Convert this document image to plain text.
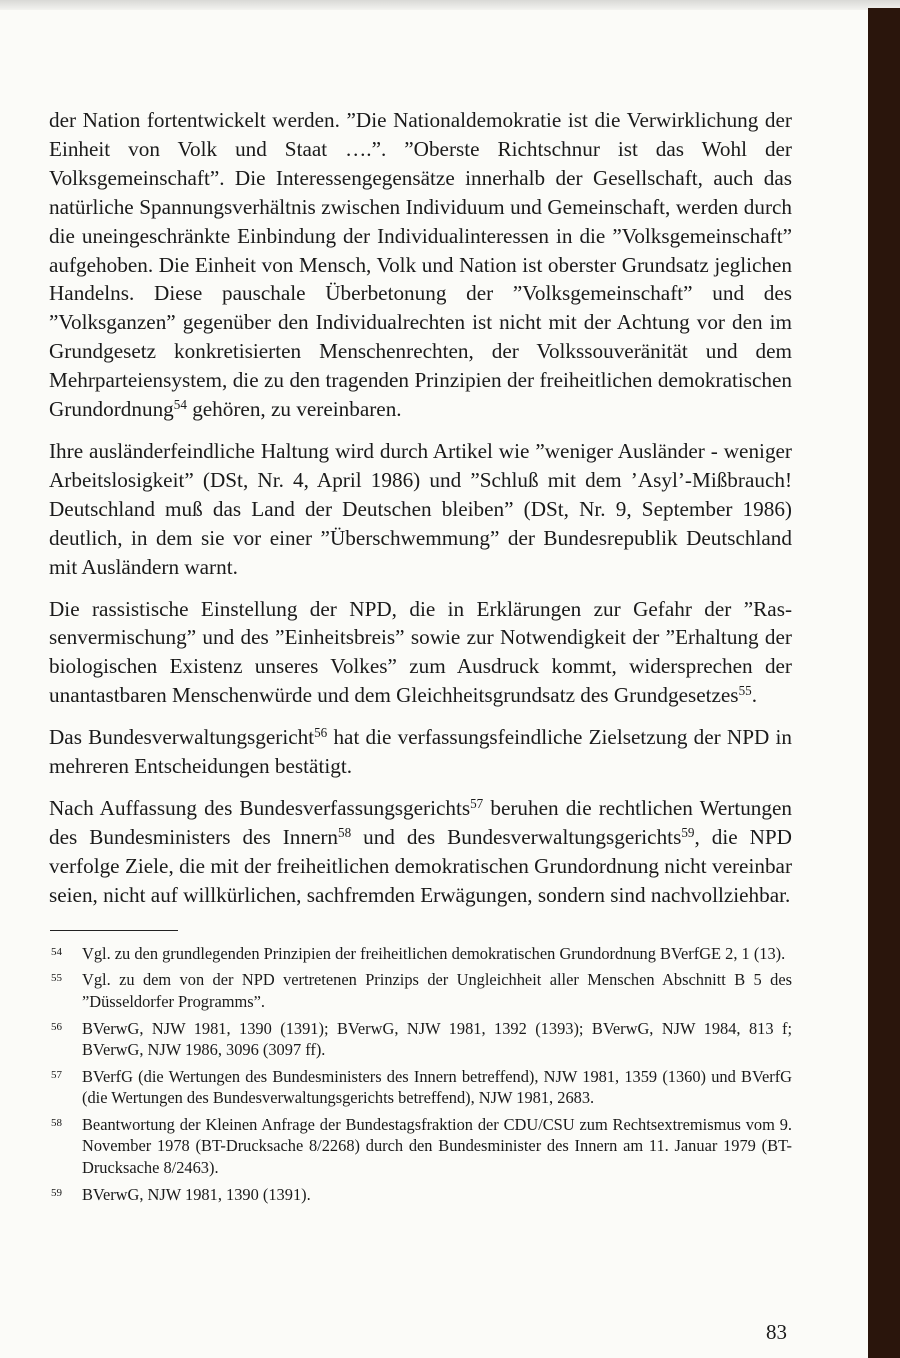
der Nation fortentwickelt werden. ”Die Nationaldemokratie ist die Verwirklichung der Einheit von Volk und Staat ….”. ”Oberste Richtschnur ist das Wohl der Volksgemeinschaft”. Die Interessengegensätze innerhalb der Gesellschaft, auch das natürliche Spannungsverhältnis zwischen Individuum und Gemeinschaft, werden durch die uneingeschränkte Einbindung der Individualinteressen in die ”Volksgemeinschaft” aufgehoben. Die Einheit von Mensch, Volk und Nation ist oberster Grundsatz jeglichen Handelns. Diese pauschale Überbetonung der ”Volksgemeinschaft” und des ”Volksganzen” gegenüber den Individualrechten ist nicht mit der Achtung vor den im Grundgesetz konkretisierten Menschenrechten, der Volkssouveränität und dem Mehrparteiensystem, die zu den tragenden Prinzipien der freiheitlichen demokratischen Grundordnung$^{54}$ gehören, zu vereinbaren.

Ihre ausländerfeindliche Haltung wird durch Artikel wie ”weniger Ausländer - weniger Arbeitslosigkeit” (DSt, Nr. 4, April 1986) und ”Schluß mit dem ’Asyl’-Mißbrauch! Deutschland muß das Land der Deutschen bleiben” (DSt, Nr. 9, September 1986) deutlich, in dem sie vor einer ”Überschwemmung” der Bundesrepublik Deutschland mit Ausländern warnt.

Die rassistische Einstellung der NPD, die in Erklärungen zur Gefahr der ”Rassenvermischung” und des ”Einheitsbreis” sowie zur Notwendigkeit der ”Erhaltung der biologischen Existenz unseres Volkes” zum Ausdruck kommt, widersprechen der unantastbaren Menschenwürde und dem Gleichheitsgrundsatz des Grundgesetzes$^{55}$.

Das Bundesverwaltungsgericht$^{56}$ hat die verfassungsfeindliche Zielsetzung der NPD in mehreren Entscheidungen bestätigt.

Nach Auffassung des Bundesverfassungsgerichts$^{57}$ beruhen die rechtlichen Wertungen des Bundesministers des Innern$^{58}$ und des Bundesverwaltungsgerichts$^{59}$, die NPD verfolge Ziele, die mit der freiheitlichen demokratischen Grundordnung nicht vereinbar seien, nicht auf willkürlichen, sachfremden Erwägungen, sondern sind nachvollziehbar.

54	Vgl. zu den grundlegenden Prinzipien der freiheitlichen demokratischen Grundordnung BVerfGE 2, 1 (13).
55	Vgl. zu dem von der NPD vertretenen Prinzips der Ungleichheit aller Menschen Abschnitt B 5 des ”Düsseldorfer Programms”.
56	BVerwG, NJW 1981, 1390 (1391); BVerwG, NJW 1981, 1392 (1393); BVerwG, NJW 1984, 813 f; BVerwG, NJW 1986, 3096 (3097 ff).
57	BVerfG (die Wertungen des Bundesministers des Innern betreffend), NJW 1981, 1359 (1360) und BVerfG (die Wertungen des Bundesverwaltungsgerichts betreffend), NJW 1981, 2683.
58	Beantwortung der Kleinen Anfrage der Bundestagsfraktion der CDU/CSU zum Rechtsextremismus vom 9. November 1978 (BT-Drucksache 8/2268) durch den Bundesminister des Innern am 11. Januar 1979 (BT-Drucksache 8/2463).
59	BVerwG, NJW 1981, 1390 (1391).
83
